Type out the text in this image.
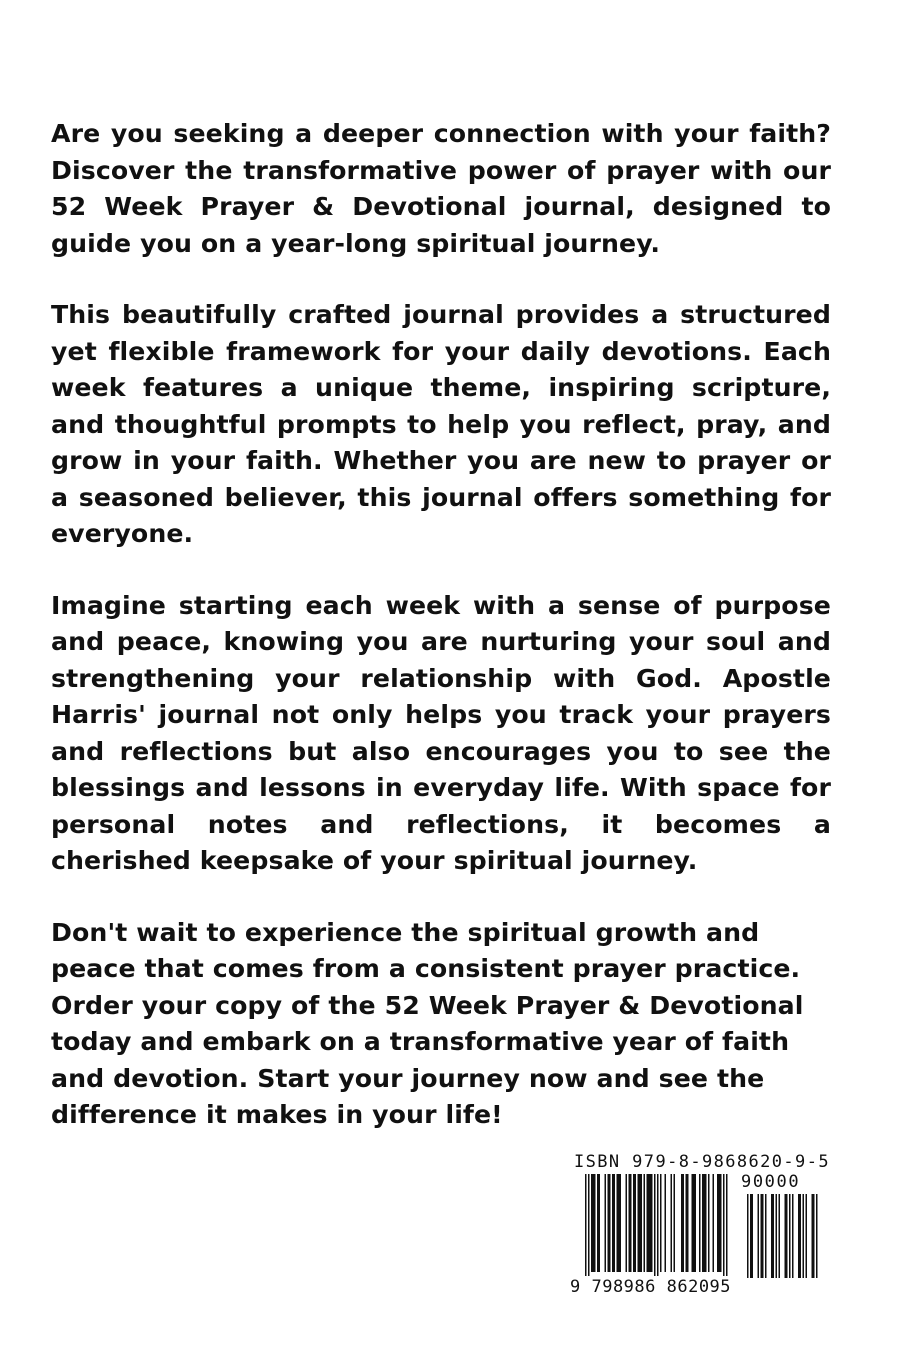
Are you seeking a deeper connection with your faith? Discover the transformative power of prayer with our 52 Week Prayer & Devotional journal, designed to guide you on a year-long spiritual journey.

This beautifully crafted journal provides a structured yet flexible framework for your daily devotions. Each week features a unique theme, inspiring scripture, and thoughtful prompts to help you reflect, pray, and grow in your faith. Whether you are new to prayer or a seasoned believer, this journal offers something for everyone.

Imagine starting each week with a sense of purpose and peace, knowing you are nurturing your soul and strengthening your relationship with God. Apostle Harris' journal not only helps you track your prayers and reflections but also encourages you to see the blessings and lessons in everyday life. With space for personal notes and reflections, it becomes a cherished keepsake of your spiritual journey.

Don't wait to experience the spiritual growth and peace that comes from a consistent prayer practice. Order your copy of the 52 Week Prayer & Devotional today and embark on a transformative year of faith and devotion. Start your journey now and see the difference it makes in your life!

ISBN 979-8-9868620-9-5
90000
9 798986 862095
